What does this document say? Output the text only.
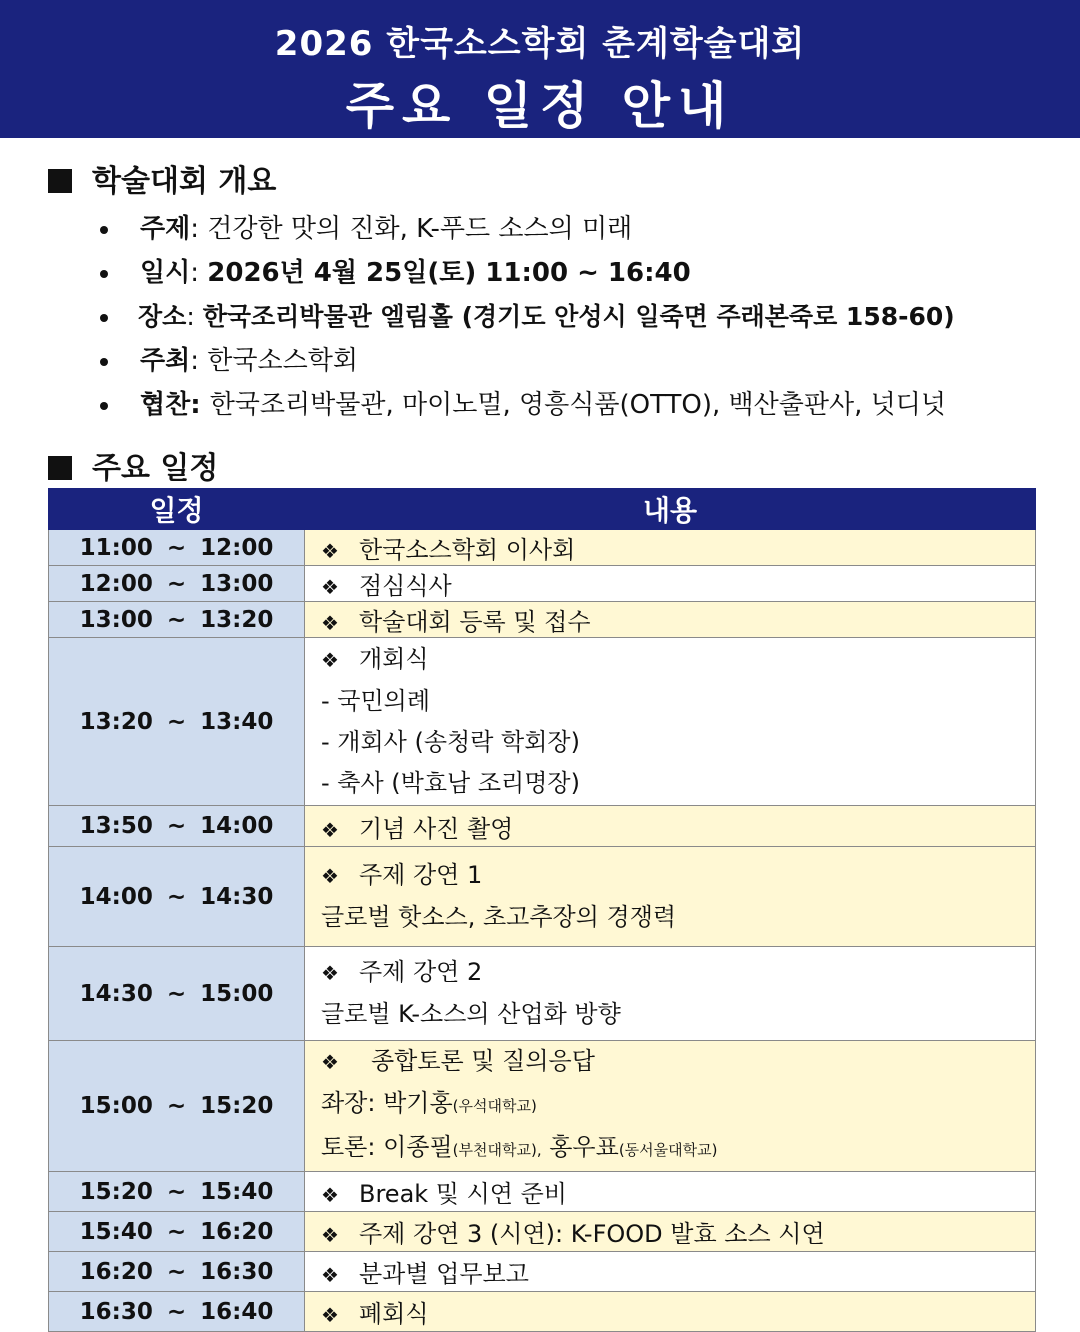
2026 한국소스학회 춘계학술대회
주요 일정 안내
학술대회 개요
주제: 건강한 맛의 진화, K-푸드 소스의 미래
일시: 2026년 4월 25일(토) 11:00 ~ 16:40
장소: 한국조리박물관 엘림홀 (경기도 안성시 일죽면 주래본죽로 158-60)
주최: 한국소스학회
협찬: 한국조리박물관, 마이노멀, 영흥식품(OTTO), 백산출판사, 넛디넛
주요 일정
일정	내용
11:00 ~ 12:00	❖ 한국소스학회 이사회
12:00 ~ 13:00	❖ 점심식사
13:00 ~ 13:20	❖ 학술대회 등록 및 접수
13:20 ~ 13:40	❖ 개회식
- 국민의례
- 개회사 (송청락 학회장)
- 축사 (박효남 조리명장)

13:50 ~ 14:00	❖ 기념 사진 촬영
14:00 ~ 14:30	❖ 주제 강연 1
글로벌 핫소스, 초고추장의 경쟁력

14:30 ~ 15:00	❖ 주제 강연 2
글로벌 K-소스의 산업화 방향

15:00 ~ 15:20	❖ 종합토론 및 질의응답
좌장: 박기홍(우석대학교)
토론: 이종필(부천대학교), 홍우표(동서울대학교)

15:20 ~ 15:40	❖ Break 및 시연 준비
15:40 ~ 16:20	❖ 주제 강연 3 (시연): K-FOOD 발효 소스 시연
16:20 ~ 16:30	❖ 분과별 업무보고
16:30 ~ 16:40	❖ 폐회식
